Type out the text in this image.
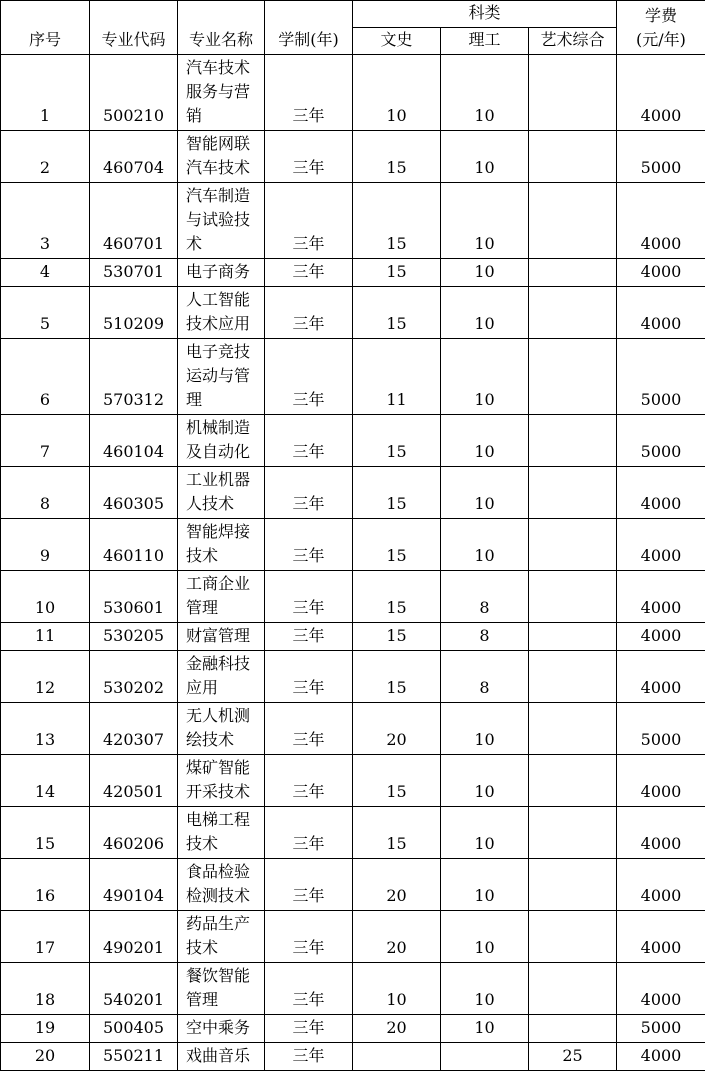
序号	专业代码	专业名称	学制(年)	科类			学费
(元/年)

				文史	理工	艺术综合	
1	500210	汽车技术
服务与营
销	三年	10	10		4000
2	460704	智能网联
汽车技术	三年	15	10		5000
3	460701	汽车制造
与试验技
术	三年	15	10		4000
4	530701	电子商务	三年	15	10		4000
5	510209	人工智能
技术应用	三年	15	10		4000
6	570312	电子竞技
运动与管
理	三年	11	10		5000
7	460104	机械制造
及自动化	三年	15	10		5000
8	460305	工业机器
人技术	三年	15	10		4000
9	460110	智能焊接
技术	三年	15	10		4000
10	530601	工商企业
管理	三年	15	8		4000
11	530205	财富管理	三年	15	8		4000
12	530202	金融科技
应用	三年	15	8		4000
13	420307	无人机测
绘技术	三年	20	10		5000
14	420501	煤矿智能
开采技术	三年	15	10		4000
15	460206	电梯工程
技术	三年	15	10		4000
16	490104	食品检验
检测技术	三年	20	10		4000
17	490201	药品生产
技术	三年	20	10		4000
18	540201	餐饮智能
管理	三年	10	10		4000
19	500405	空中乘务	三年	20	10		5000
20	550211	戏曲音乐	三年			25	4000
